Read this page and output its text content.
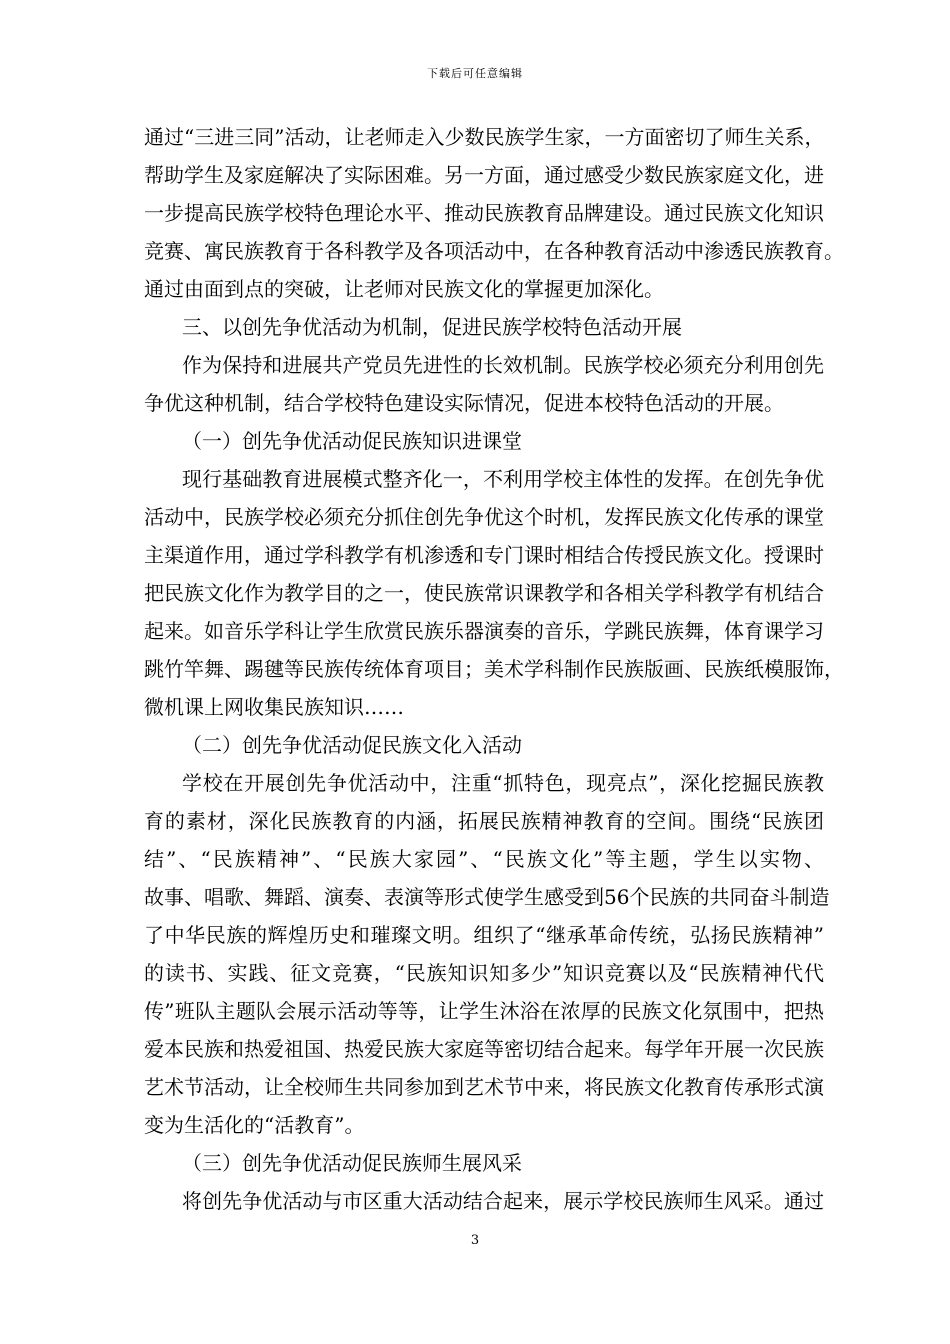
下载后可任意编辑
通过“三进三同”活动，让老师走入少数民族学生家，一方面密切了师生关系，
帮助学生及家庭解决了实际困难。另一方面，通过感受少数民族家庭文化，进
一步提高民族学校特色理论水平、推动民族教育品牌建设。通过民族文化知识
竞赛、寓民族教育于各科教学及各项活动中，在各种教育活动中渗透民族教育。
通过由面到点的突破，让老师对民族文化的掌握更加深化。
三、以创先争优活动为机制，促进民族学校特色活动开展
作为保持和进展共产党员先进性的长效机制。民族学校必须充分利用创先
争优这种机制，结合学校特色建设实际情况，促进本校特色活动的开展。
（一）创先争优活动促民族知识进课堂
现行基础教育进展模式整齐化一，不利用学校主体性的发挥。在创先争优
活动中，民族学校必须充分抓住创先争优这个时机，发挥民族文化传承的课堂
主渠道作用，通过学科教学有机渗透和专门课时相结合传授民族文化。授课时
把民族文化作为教学目的之一，使民族常识课教学和各相关学科教学有机结合
起来。如音乐学科让学生欣赏民族乐器演奏的音乐，学跳民族舞，体育课学习
跳竹竿舞、踢毽等民族传统体育项目；美术学科制作民族版画、民族纸模服饰，
微机课上网收集民族知识……
（二）创先争优活动促民族文化入活动
学校在开展创先争优活动中，注重“抓特色，现亮点”，深化挖掘民族教
育的素材，深化民族教育的内涵，拓展民族精神教育的空间。围绕“民族团
结”、“民族精神”、“民族大家园”、“民族文化”等主题，学生以实物、
故事、唱歌、舞蹈、演奏、表演等形式使学生感受到56个民族的共同奋斗制造
了中华民族的辉煌历史和璀璨文明。组织了“继承革命传统，弘扬民族精神”
的读书、实践、征文竞赛，“民族知识知多少”知识竞赛以及“民族精神代代
传”班队主题队会展示活动等等，让学生沐浴在浓厚的民族文化氛围中，把热
爱本民族和热爱祖国、热爱民族大家庭等密切结合起来。每学年开展一次民族
艺术节活动，让全校师生共同参加到艺术节中来，将民族文化教育传承形式演
变为生活化的“活教育”。
（三）创先争优活动促民族师生展风采
将创先争优活动与市区重大活动结合起来，展示学校民族师生风采。通过
3
